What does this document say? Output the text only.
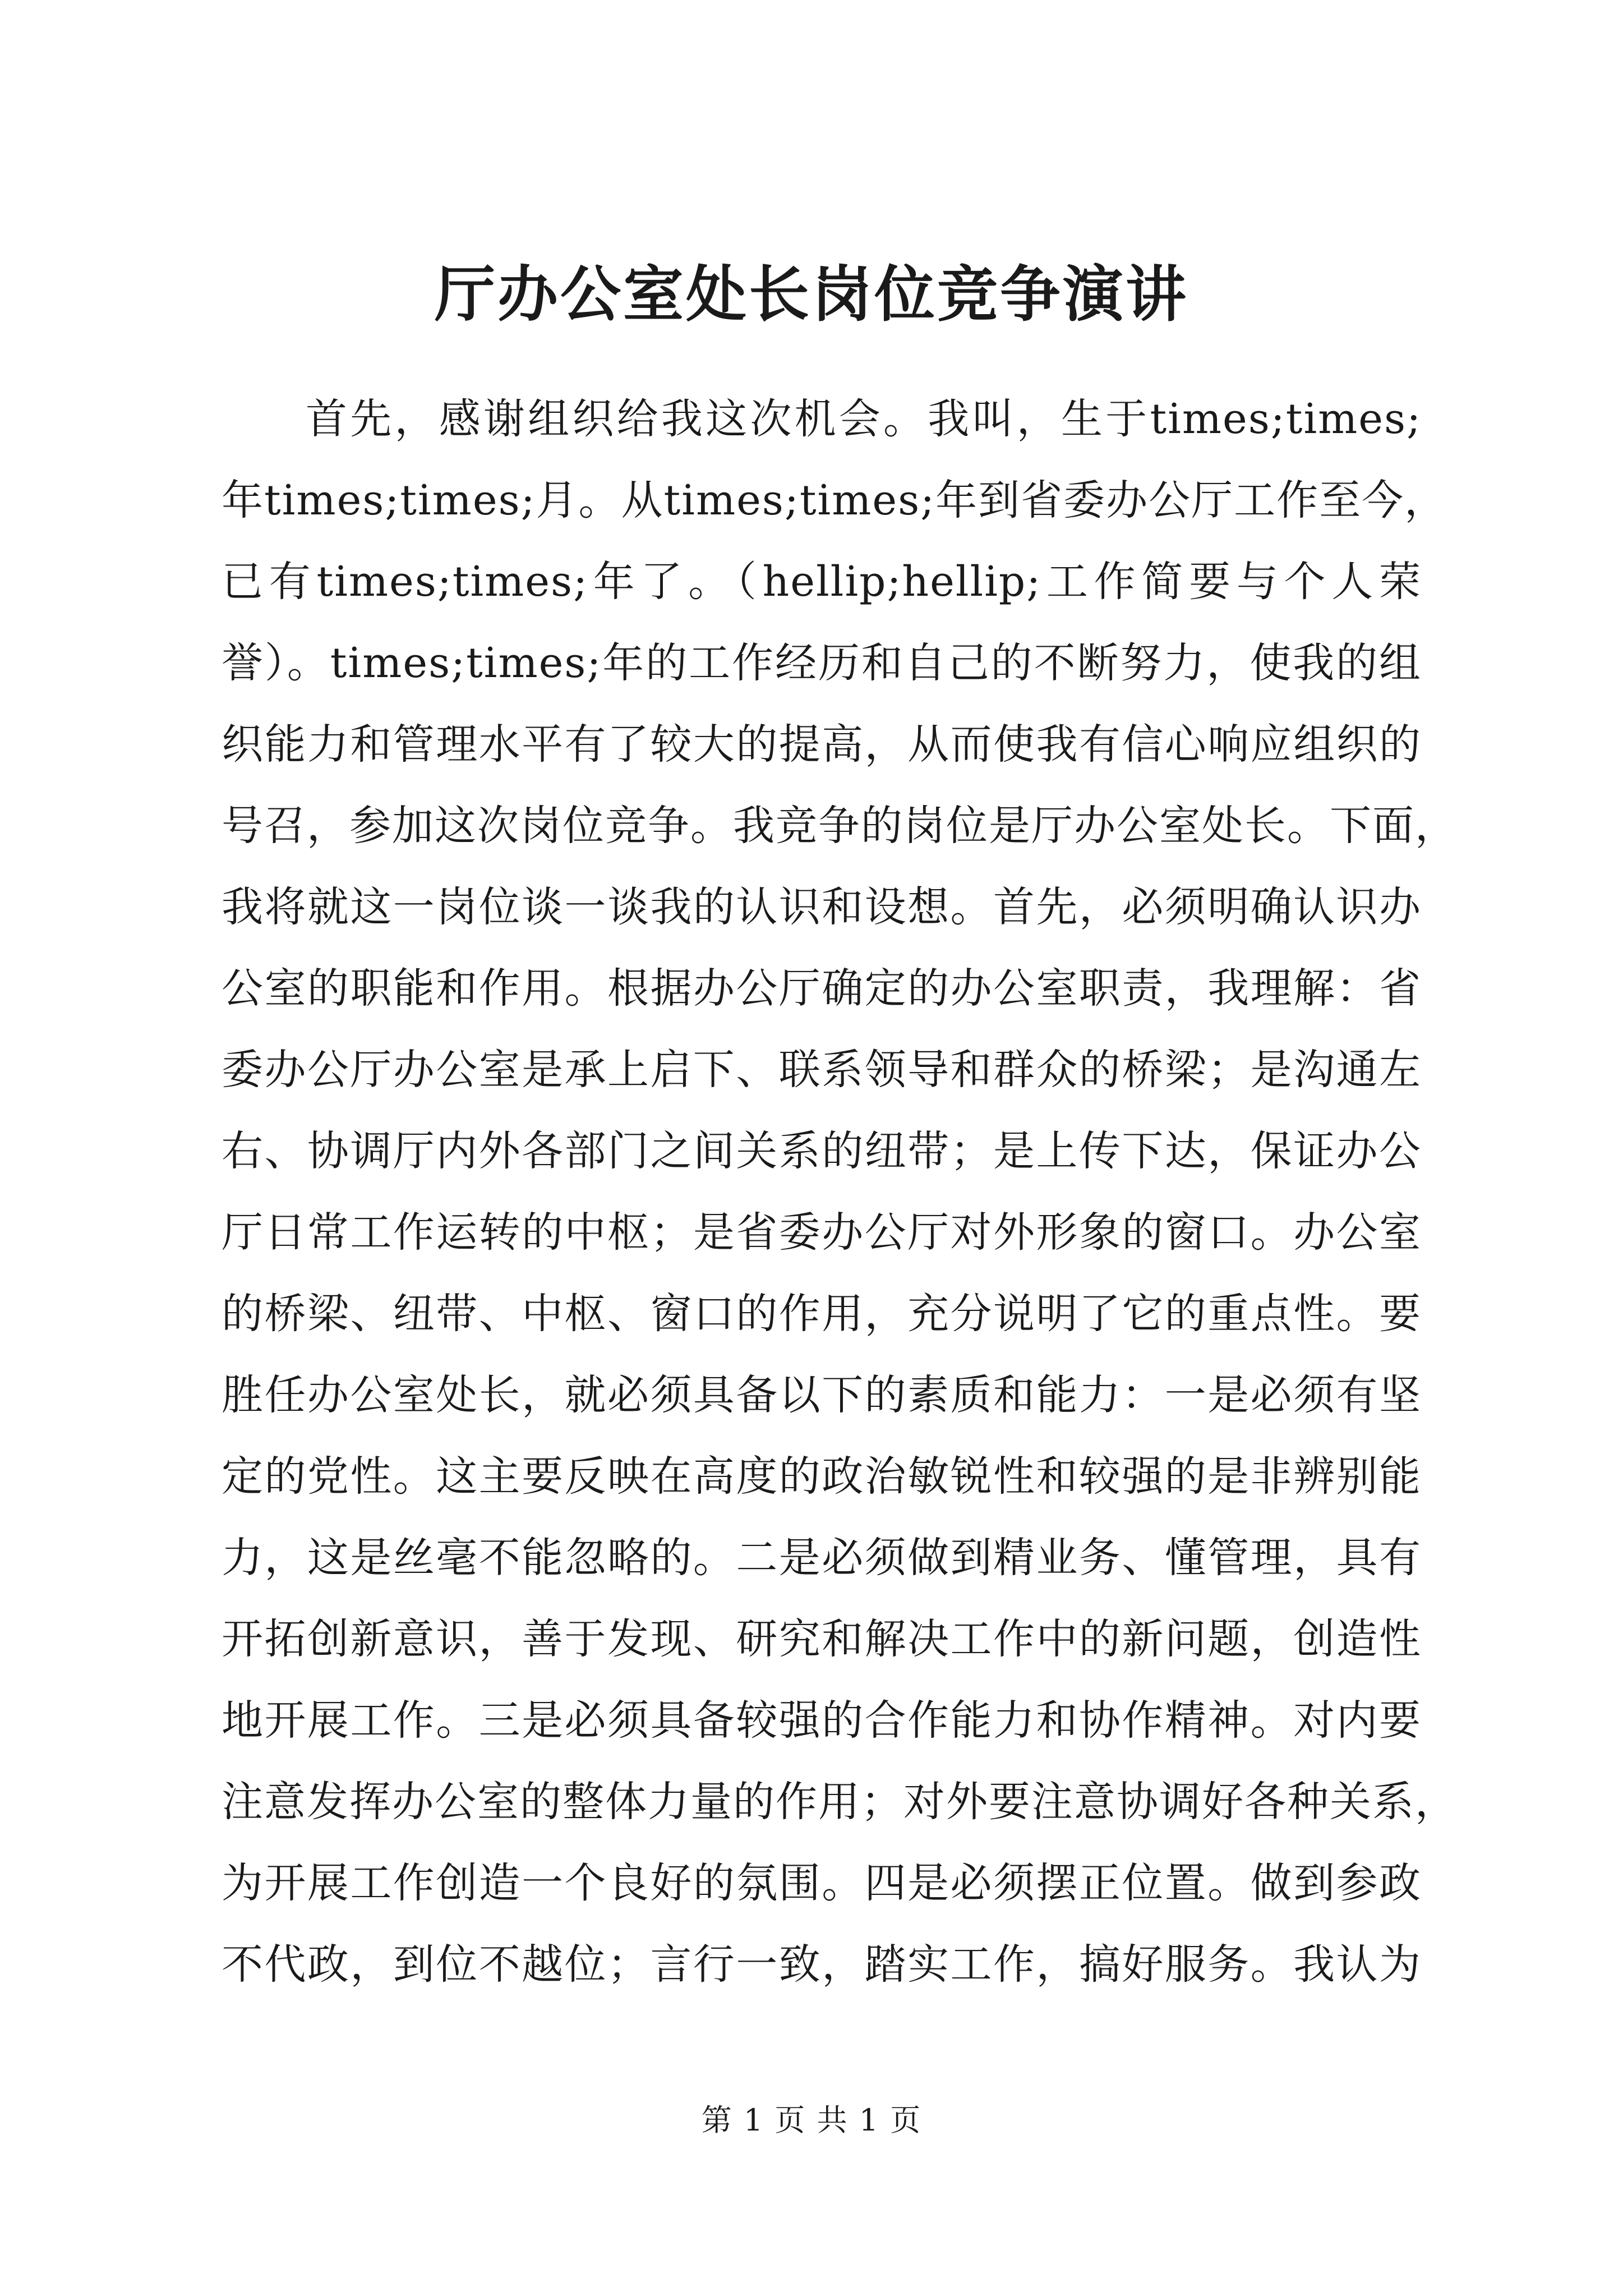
厅办公室处长岗位竞争演讲
首先，感谢组织给我这次机会。我叫，生于times;times;
年times;times;月。从times;times;年到省委办公厅工作至今，
已有times;times;年了。（hellip;hellip;工作简要与个人荣
誉）。times;times;年的工作经历和自己的不断努力，使我的组
织能力和管理水平有了较大的提高，从而使我有信心响应组织的
号召，参加这次岗位竞争。我竞争的岗位是厅办公室处长。下面，
我将就这一岗位谈一谈我的认识和设想。首先，必须明确认识办
公室的职能和作用。根据办公厅确定的办公室职责，我理解：省
委办公厅办公室是承上启下、联系领导和群众的桥梁；是沟通左
右、协调厅内外各部门之间关系的纽带；是上传下达，保证办公
厅日常工作运转的中枢；是省委办公厅对外形象的窗口。办公室
的桥梁、纽带、中枢、窗口的作用，充分说明了它的重点性。要
胜任办公室处长，就必须具备以下的素质和能力：一是必须有坚
定的党性。这主要反映在高度的政治敏锐性和较强的是非辨别能
力，这是丝毫不能忽略的。二是必须做到精业务、懂管理，具有
开拓创新意识，善于发现、研究和解决工作中的新问题，创造性
地开展工作。三是必须具备较强的合作能力和协作精神。对内要
注意发挥办公室的整体力量的作用；对外要注意协调好各种关系，
为开展工作创造一个良好的氛围。四是必须摆正位置。做到参政
不代政，到位不越位；言行一致，踏实工作，搞好服务。我认为
第 1 页 共 1 页
